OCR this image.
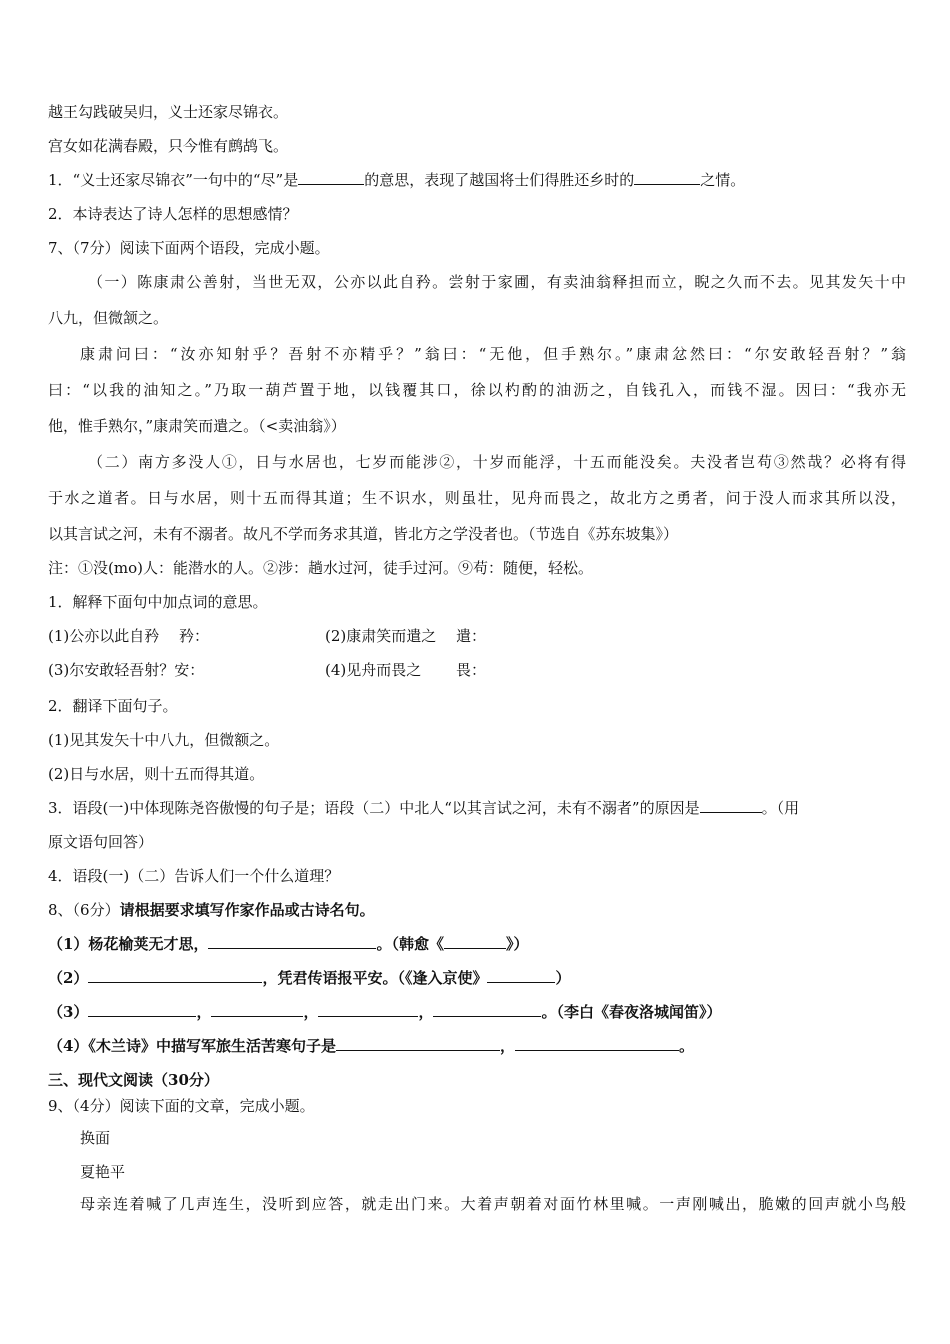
越王勾践破吴归，义士还家尽锦衣。
宫女如花满春殿，只今惟有鹧鸪飞。
1．“义士还家尽锦衣”一句中的“尽”是	的意思，表现了越国将士们得胜还乡时的	之情。
2．本诗表达了诗人怎样的思想感情？
7、（7分）阅读下面两个语段，完成小题。
（一）陈康肃公善射，当世无双，公亦以此自矜。尝射于家圃，有卖油翁释担而立，睨之久而不去。见其发矢十中
八九，但微颔之。
康肃问曰：“汝亦知射乎？吾射不亦精乎？”翁曰：“无他，但手熟尔。”康肃忿然曰：“尔安敢轻吾射？”翁
曰：“以我的油知之。”乃取一葫芦置于地，以钱覆其口，徐以杓酌的油沥之，自钱孔入，而钱不湿。因曰：“我亦无
他，惟手熟尔，”康肃笑而遣之。（<卖油翁》）
（二）南方多没人①，日与水居也，七岁而能涉②，十岁而能浮，十五而能没矣。夫没者岂苟③然哉？必将有得
于水之道者。日与水居，则十五而得其道；生不识水，则虽壮，见舟而畏之，故北方之勇者，问于没人而求其所以没，
以其言试之河，未有不溺者。故凡不学而务求其道，皆北方之学没者也。（节选自《苏东坡集》）
注：①没(mo)人：能潜水的人。②涉：趟水过河，徒手过河。⑨苟：随便，轻松。
1．解释下面句中加点词的意思。
(1)公亦以此自矜　 矜：	(2)康肃笑而遣之　 遣：
(3)尔安敢轻吾射？安：	(4)见舟而畏之　　 畏：
2．翻译下面句子。
(1)见其发矢十中八九，但微额之。
(2)日与水居，则十五而得其道。
3．语段(一)中体现陈尧咨傲慢的句子是；语段（二）中北人“以其言试之河，未有不溺者”的原因是	。（用
原文语句回答）
4．语段(一)（二）告诉人们一个什么道理？
8、（6分）请根据要求填写作家作品或古诗名句。
（1）杨花榆荚无才思，	。（韩愈《	》）
（2）	，凭君传语报平安。（《逢入京使》	）
（3）	，	，	，	。（李白《春夜洛城闻笛》）
（4）《木兰诗》中描写军旅生活苦寒句子是	，	。
三、现代文阅读（30分）
9、（4分）阅读下面的文章，完成小题。
换面
夏艳平
母亲连着喊了几声连生，没听到应答，就走出门来。大着声朝着对面竹林里喊。一声刚喊出，脆嫩的回声就小鸟般
